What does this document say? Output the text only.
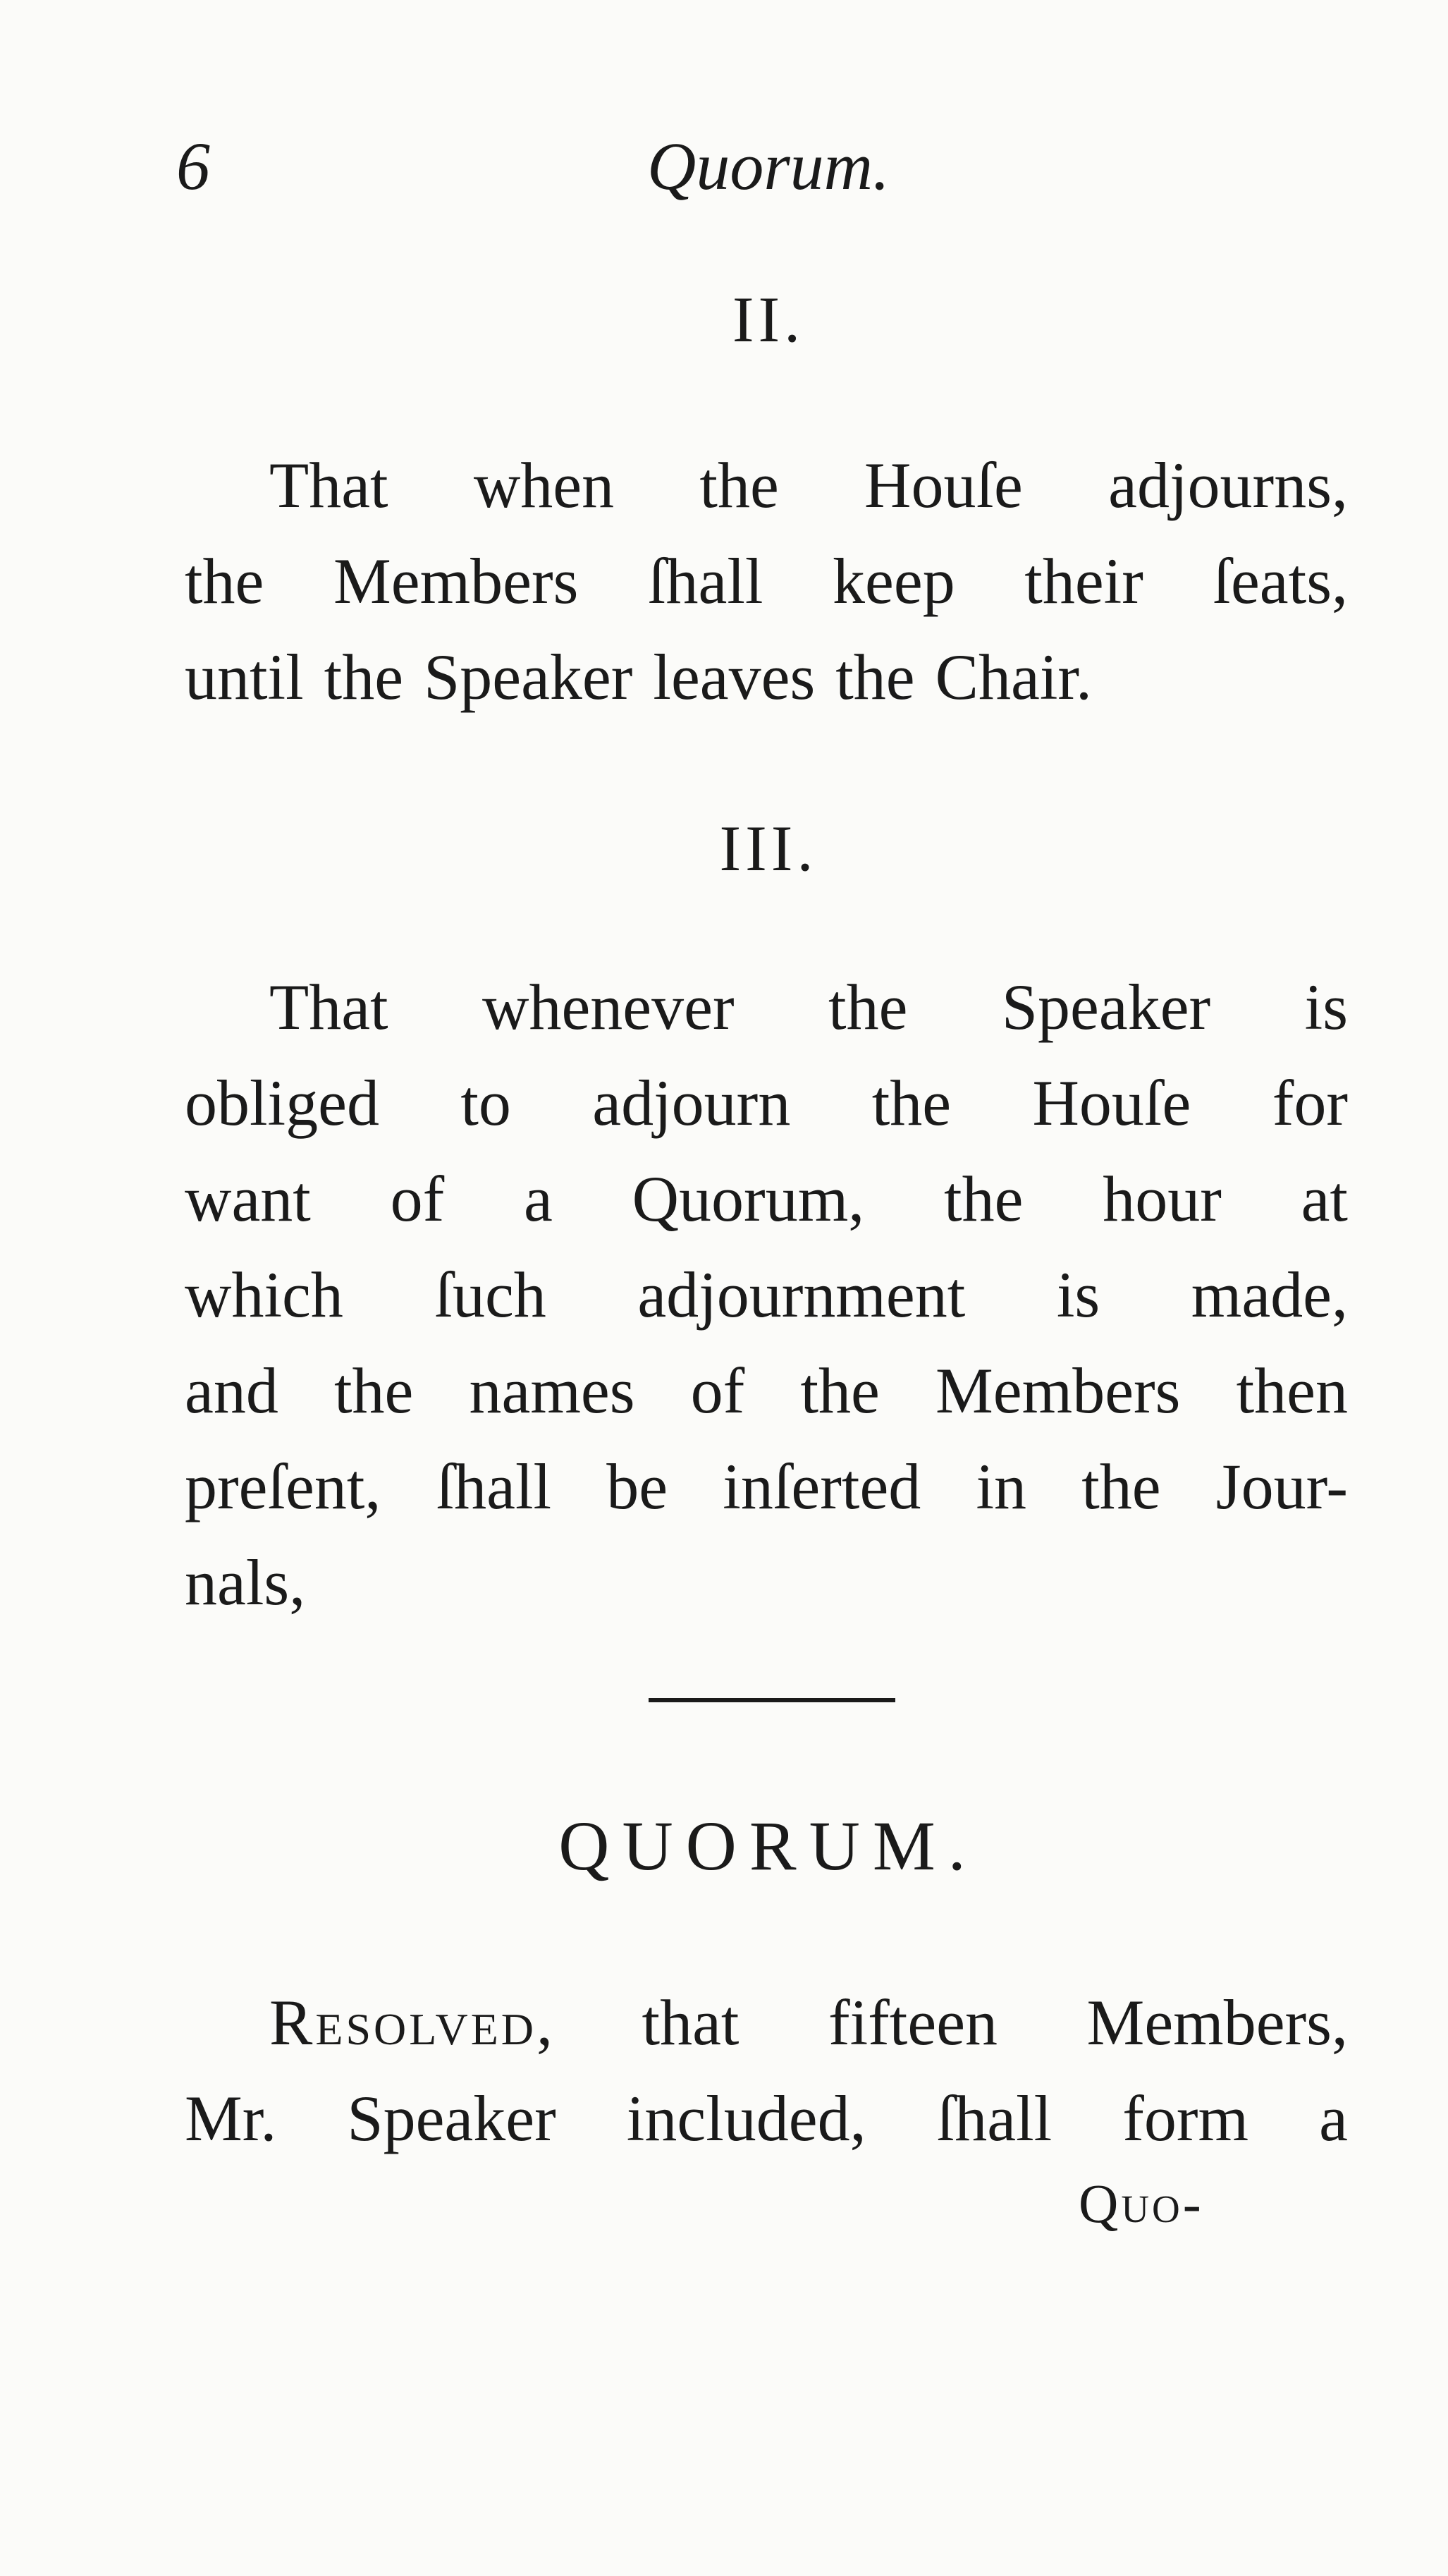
6	Quorum.
II.
That when the Houſe adjourns,
the Members ſhall keep their ſeats,
until the Speaker leaves the Chair.
III.
That whenever the Speaker is
obliged to adjourn the Houſe for
want of a Quorum, the hour at
which ſuch adjournment is made,
and the names of the Members then
preſent, ſhall be inſerted in the Jour-
nals,
QUORUM.
Resolved, that fifteen Members,
Mr. Speaker included, ſhall form a
Quo-
